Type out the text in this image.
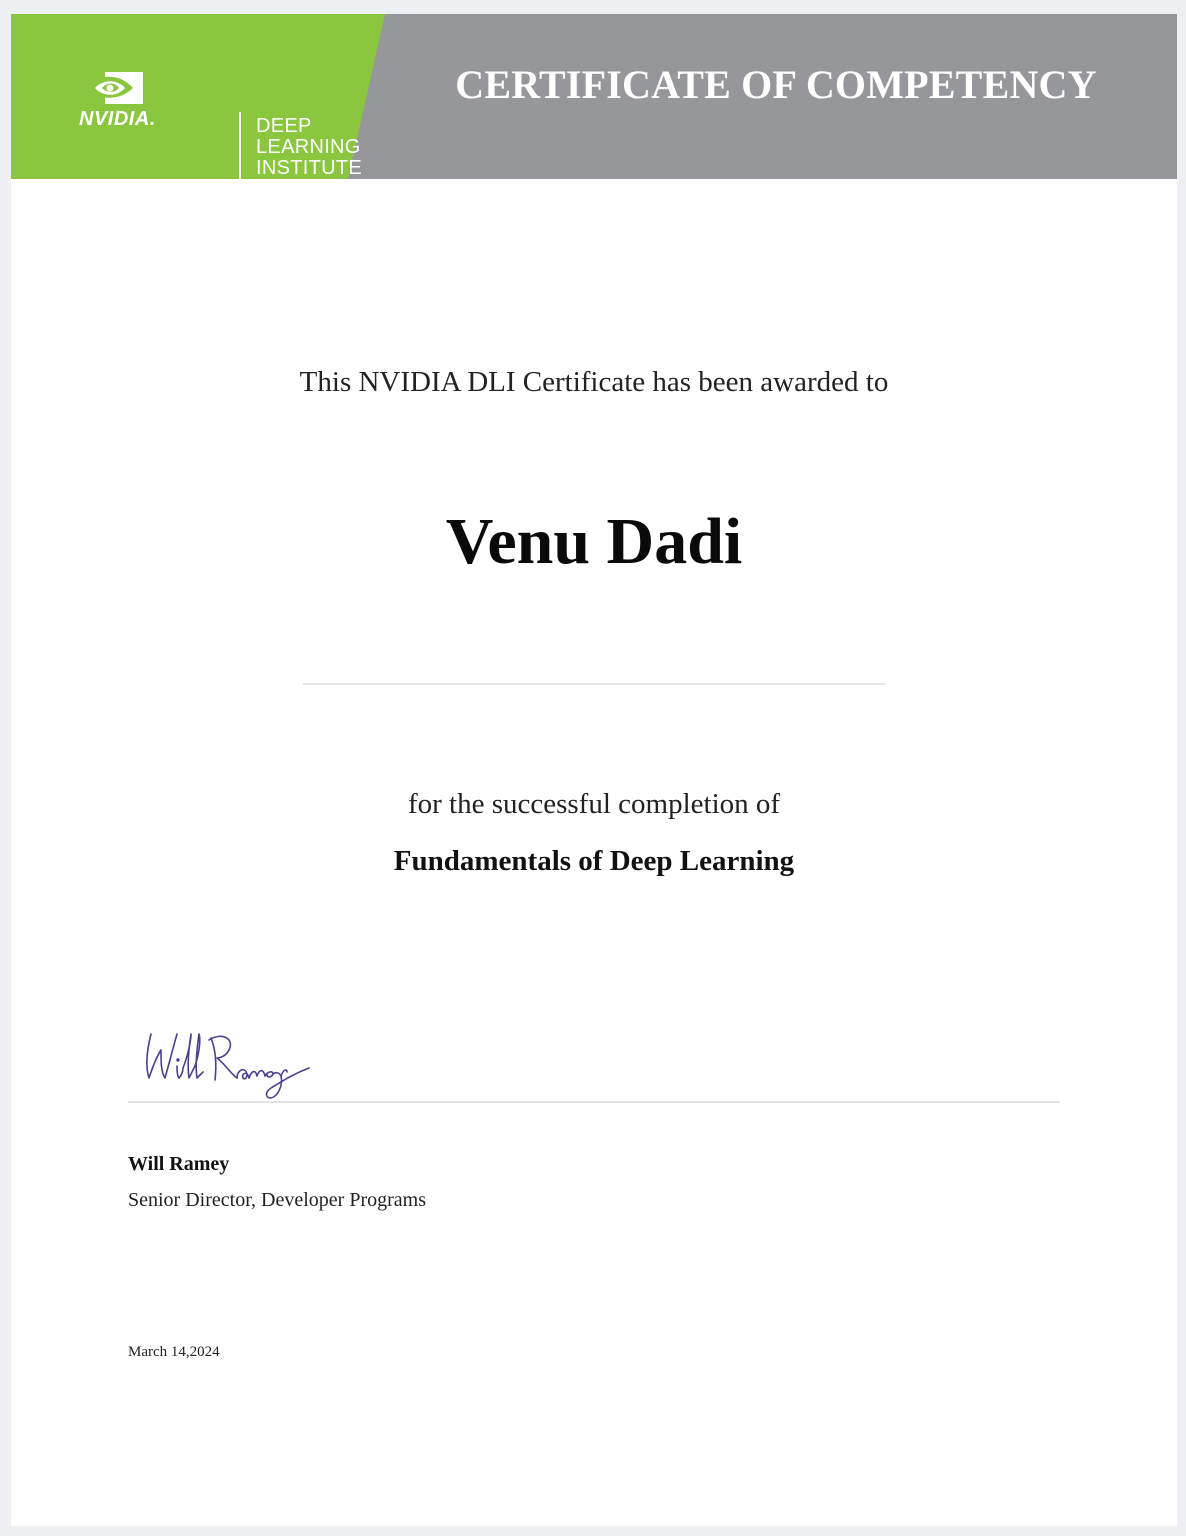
NVIDIA.	DEEP
LEARNING
INSTITUTE
CERTIFICATE OF COMPETENCY
This NVIDIA DLI Certificate has been awarded to
Venu Dadi
for the successful completion of
Fundamentals of Deep Learning
Will Ramey
Senior Director, Developer Programs
March 14,2024
